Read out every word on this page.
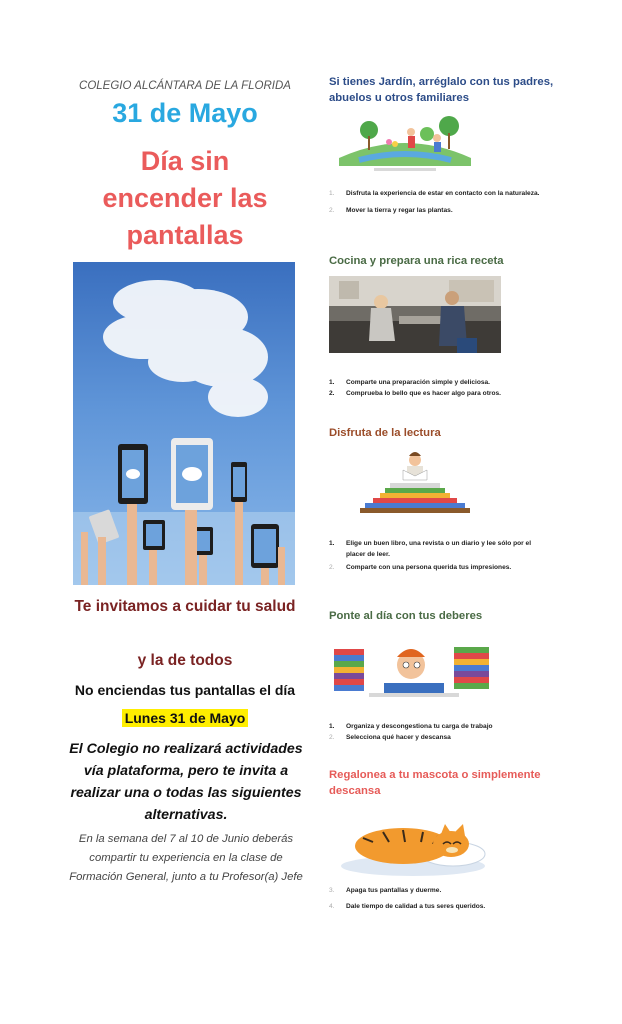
COLEGIO ALCÁNTARA DE LA FLORIDA
31 de Mayo
Día sin
encender las
pantallas
Te invitamos a cuidar tu salud
y la de todos
No enciendas tus pantallas el día
Lunes 31 de Mayo
El Colegio no realizará actividades vía plataforma, pero te invita a realizar una o todas las siguientes alternativas.
En la semana del 7 al 10 de Junio deberás compartir tu experiencia en la clase de Formación General, junto a tu Profesor(a) Jefe
Si tienes Jardín, arréglalo con tus padres, abuelos u otros familiares
1. Disfruta la experiencia de estar en contacto con la naturaleza.
2. Mover la tierra y regar las plantas.
Cocina y prepara una rica receta
1. Comparte una preparación simple y deliciosa.
2. Comprueba lo bello que es hacer algo para otros.
Disfruta de la lectura
1. Elige un buen libro, una revista o un diario y lee sólo por el placer de leer.
2. Comparte con una persona querida tus impresiones.
Ponte al día con tus deberes
1. Organiza y descongestiona tu carga de trabajo
2. Selecciona qué hacer y descansa
Regalonea a tu mascota o simplemente descansa
3. Apaga tus pantallas y duerme.
4. Dale tiempo de calidad a tus seres queridos.
